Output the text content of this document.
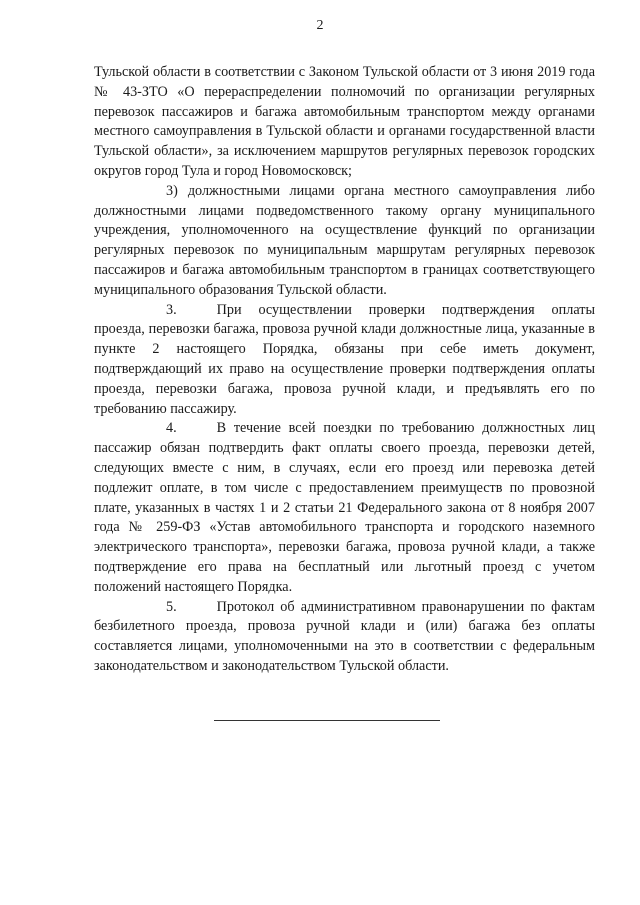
2

Тульской области в соответствии с Законом Тульской области от 3 июня 2019 года № 43-ЗТО «О перераспределении полномочий по организации регулярных перевозок пассажиров и багажа автомобильным транспортом между органами местного самоуправления в Тульской области и органами государственной власти Тульской области», за исключением маршрутов регулярных перевозок городских округов город Тула и город Новомосковск;

3) должностными лицами органа местного самоуправления либо должностными лицами подведомственного такому органу муниципального учреждения, уполномоченного на осуществление функций по организации регулярных перевозок по муниципальным маршрутам регулярных перевозок пассажиров и багажа автомобильным транспортом в границах соответствующего муниципального образования Тульской области.

3.	При осуществлении проверки подтверждения оплаты проезда, перевозки багажа, провоза ручной клади должностные лица, указанные в пункте 2 настоящего Порядка, обязаны при себе иметь документ, подтверждающий их право на осуществление проверки подтверждения оплаты проезда, перевозки багажа, провоза ручной клади, и предъявлять его по требованию пассажиру.

4.	В течение всей поездки по требованию должностных лиц пассажир обязан подтвердить факт оплаты своего проезда, перевозки детей, следующих вместе с ним, в случаях, если его проезд или перевозка детей подлежит оплате, в том числе с предоставлением преимуществ по провозной плате, указанных в частях 1 и 2 статьи 21 Федерального закона от 8 ноября 2007 года № 259-ФЗ «Устав автомобильного транспорта и городского наземного электрического транспорта», перевозки багажа, провоза ручной клади, а также подтверждение его права на бесплатный или льготный проезд с учетом положений настоящего Порядка.

5.	Протокол об административном правонарушении по фактам безбилетного проезда, провоза ручной клади и (или) багажа без оплаты составляется лицами, уполномоченными на это в соответствии с федеральным законодательством и законодательством Тульской области.
